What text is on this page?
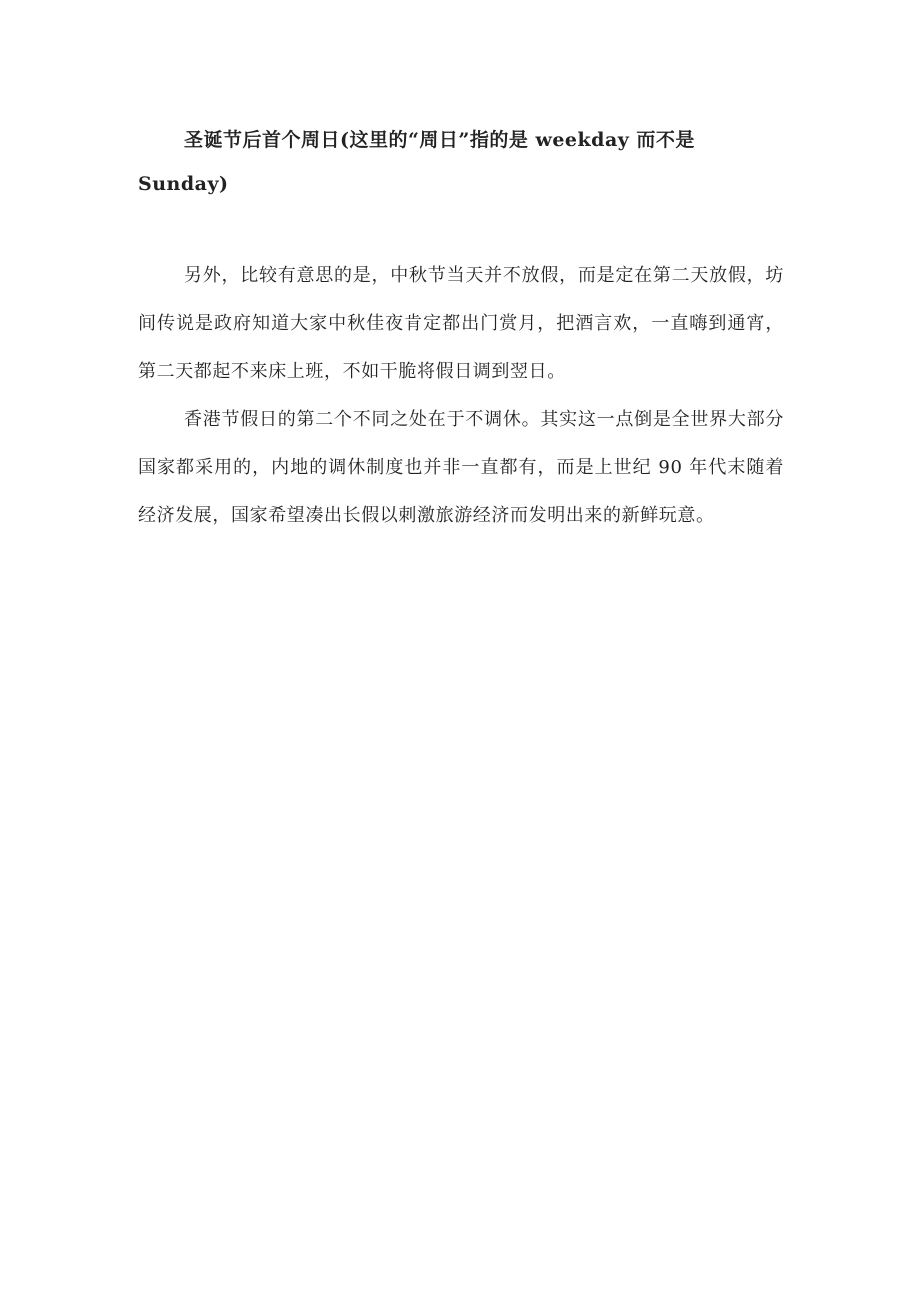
圣诞节后首个周日(这里的“周日”指的是 weekday 而不是 Sunday)

另外，比较有意思的是，中秋节当天并不放假，而是定在第二天放假，坊间传说是政府知道大家中秋佳夜肯定都出门赏月，把酒言欢，一直嗨到通宵，第二天都起不来床上班，不如干脆将假日调到翌日。

香港节假日的第二个不同之处在于不调休。其实这一点倒是全世界大部分国家都采用的，内地的调休制度也并非一直都有，而是上世纪 90 年代末随着经济发展，国家希望凑出长假以刺激旅游经济而发明出来的新鲜玩意。
